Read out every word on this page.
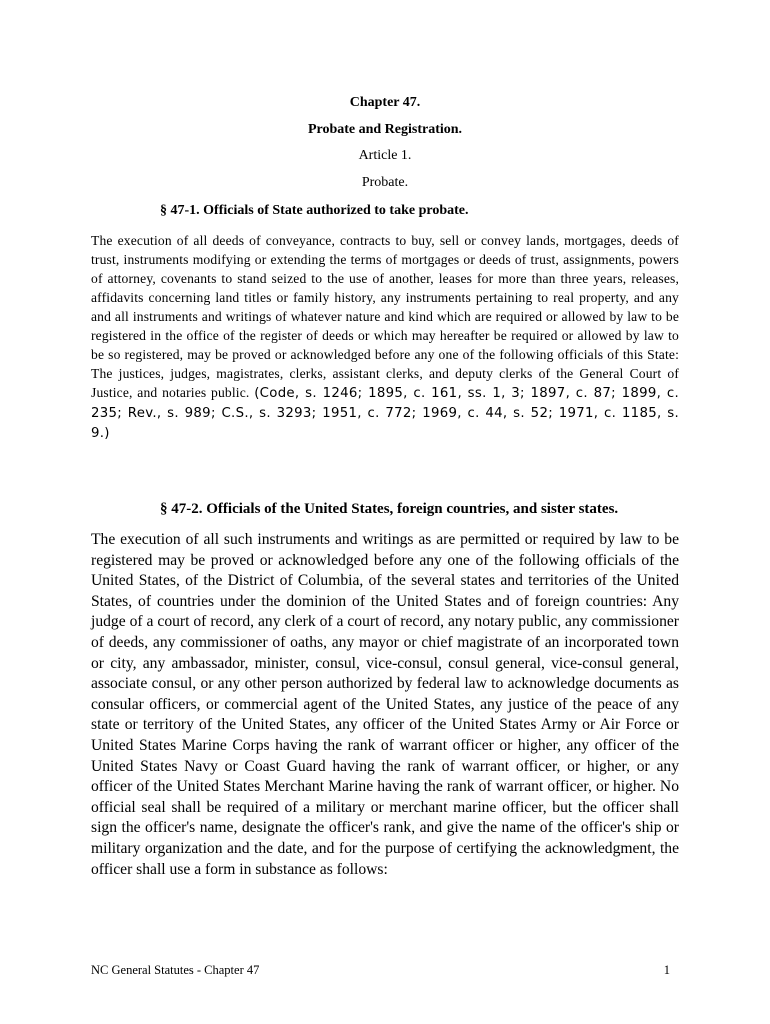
Chapter 47.
Probate and Registration.
Article 1.
Probate.
§ 47-1. Officials of State authorized to take probate.
The execution of all deeds of conveyance, contracts to buy, sell or convey lands, mortgages, deeds of trust, instruments modifying or extending the terms of mortgages or deeds of trust, assignments, powers of attorney, covenants to stand seized to the use of another, leases for more than three years, releases, affidavits concerning land titles or family history, any instruments pertaining to real property, and any and all instruments and writings of whatever nature and kind which are required or allowed by law to be registered in the office of the register of deeds or which may hereafter be required or allowed by law to be so registered, may be proved or acknowledged before any one of the following officials of this State: The justices, judges, magistrates, clerks, assistant clerks, and deputy clerks of the General Court of Justice, and notaries public. (Code, s. 1246; 1895, c. 161, ss. 1, 3; 1897, c. 87; 1899, c. 235; Rev., s. 989; C.S., s. 3293; 1951, c. 772; 1969, c. 44, s. 52; 1971, c. 1185, s. 9.)
§ 47-2. Officials of the United States, foreign countries, and sister states.
The execution of all such instruments and writings as are permitted or required by law to be registered may be proved or acknowledged before any one of the following officials of the United States, of the District of Columbia, of the several states and territories of the United States, of countries under the dominion of the United States and of foreign countries: Any judge of a court of record, any clerk of a court of record, any notary public, any commissioner of deeds, any commissioner of oaths, any mayor or chief magistrate of an incorporated town or city, any ambassador, minister, consul, vice-consul, consul general, vice-consul general, associate consul, or any other person authorized by federal law to acknowledge documents as consular officers, or commercial agent of the United States, any justice of the peace of any state or territory of the United States, any officer of the United States Army or Air Force or United States Marine Corps having the rank of warrant officer or higher, any officer of the United States Navy or Coast Guard having the rank of warrant officer, or higher, or any officer of the United States Merchant Marine having the rank of warrant officer, or higher. No official seal shall be required of a military or merchant marine officer, but the officer shall sign the officer's name, designate the officer's rank, and give the name of the officer's ship or military organization and the date, and for the purpose of certifying the acknowledgment, the officer shall use a form in substance as follows:
NC General Statutes - Chapter 47	1
